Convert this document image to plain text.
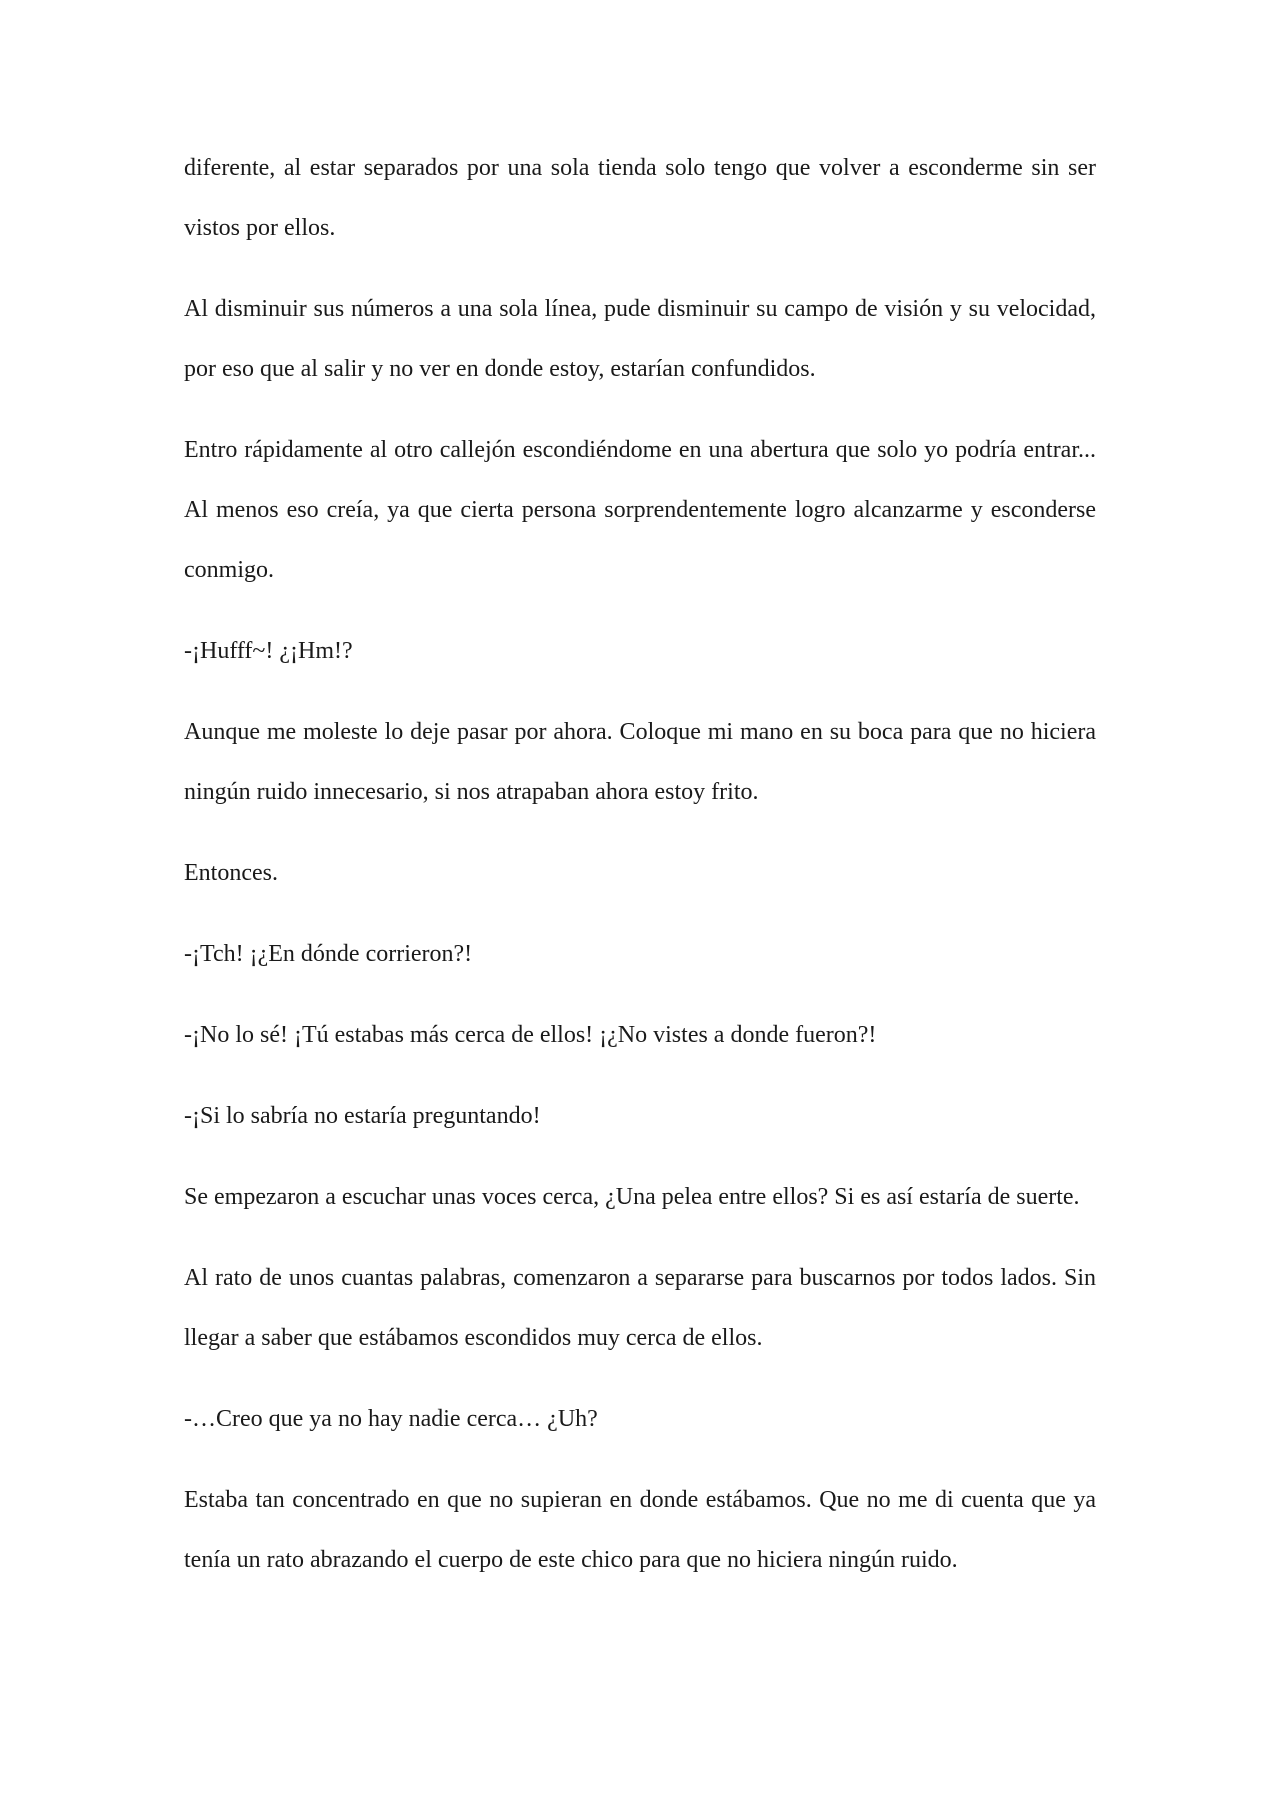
diferente, al estar separados por una sola tienda solo tengo que volver a esconderme sin ser vistos por ellos.

Al disminuir sus números a una sola línea, pude disminuir su campo de visión y su velocidad, por eso que al salir y no ver en donde estoy, estarían confundidos.

Entro rápidamente al otro callejón escondiéndome en una abertura que solo yo podría entrar... Al menos eso creía, ya que cierta persona sorprendentemente logro alcanzarme y esconderse conmigo.

-¡Hufff~! ¿¡Hm!?

Aunque me moleste lo deje pasar por ahora. Coloque mi mano en su boca para que no hiciera ningún ruido innecesario, si nos atrapaban ahora estoy frito.

Entonces.

-¡Tch! ¡¿En dónde corrieron?!

-¡No lo sé! ¡Tú estabas más cerca de ellos! ¡¿No vistes a donde fueron?!

-¡Si lo sabría no estaría preguntando!

Se empezaron a escuchar unas voces cerca, ¿Una pelea entre ellos? Si es así estaría de suerte.

Al rato de unos cuantas palabras, comenzaron a separarse para buscarnos por todos lados. Sin llegar a saber que estábamos escondidos muy cerca de ellos.

-…Creo que ya no hay nadie cerca… ¿Uh?

Estaba tan concentrado en que no supieran en donde estábamos. Que no me di cuenta que ya tenía un rato abrazando el cuerpo de este chico para que no hiciera ningún ruido.
